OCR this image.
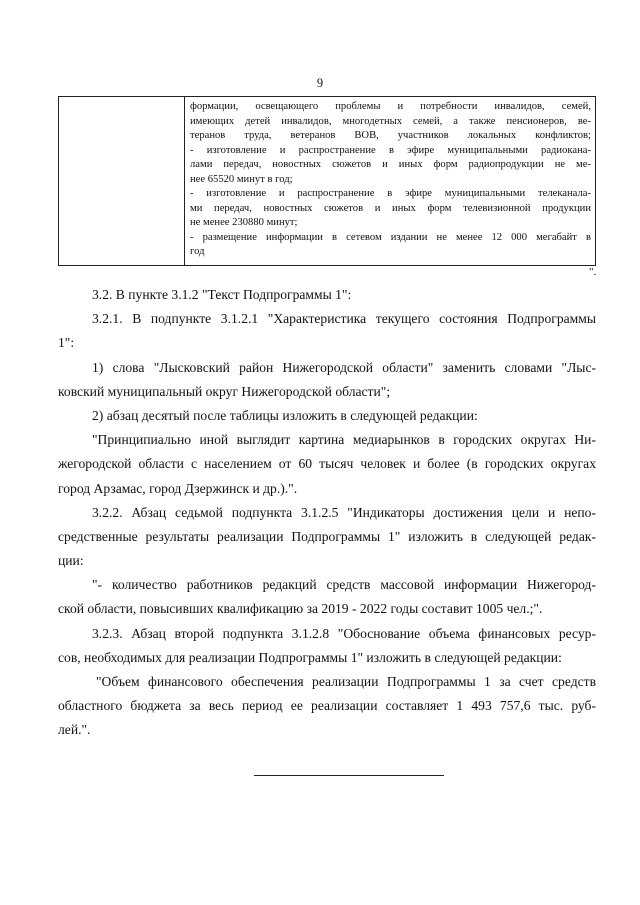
9

формации, освещающего проблемы и потребности инвалидов, семей,
имеющих детей инвалидов, многодетных семей, а также пенсионеров, ве-
теранов труда, ветеранов ВОВ, участников локальных конфликтов;
- изготовление и распространение в эфире муниципальными радиокана-
лами передач, новостных сюжетов и иных форм радиопродукции не ме-
нее 65520 минут в год;
- изготовление и распространение в эфире муниципальными телеканала-
ми передач, новостных сюжетов и иных форм телевизионной продукции
не менее 230880 минут;
- размещение информации в сетевом издании не менее 12 000 мегабайт в
год
".
3.2. В пункте 3.1.2 "Текст Подпрограммы 1":
3.2.1. В подпункте 3.1.2.1 "Характеристика текущего состояния Подпрограммы
1":
1) слова "Лысковский район Нижегородской области" заменить словами "Лыс-
ковский муниципальный округ Нижегородской области";
2) абзац десятый после таблицы изложить в следующей редакции:
"Принципиально иной выглядит картина медиарынков в городских округах Ни-
жегородской области с населением от 60 тысяч человек и более (в городских округах
город Арзамас, город Дзержинск и др.).".
3.2.2. Абзац седьмой подпункта 3.1.2.5 "Индикаторы достижения цели и непо-
средственные результаты реализации Подпрограммы 1" изложить в следующей редак-
ции:
"- количество работников редакций средств массовой информации Нижегород-
ской области, повысивших квалификацию за 2019 - 2022 годы составит 1005 чел.;".
3.2.3. Абзац второй подпункта 3.1.2.8 "Обоснование объема финансовых ресур-
сов, необходимых для реализации Подпрограммы 1" изложить в следующей редакции:
"Объем финансового обеспечения реализации Подпрограммы 1 за счет средств
областного бюджета за весь период ее реализации составляет 1 493 757,6 тыс. руб-
лей.".
